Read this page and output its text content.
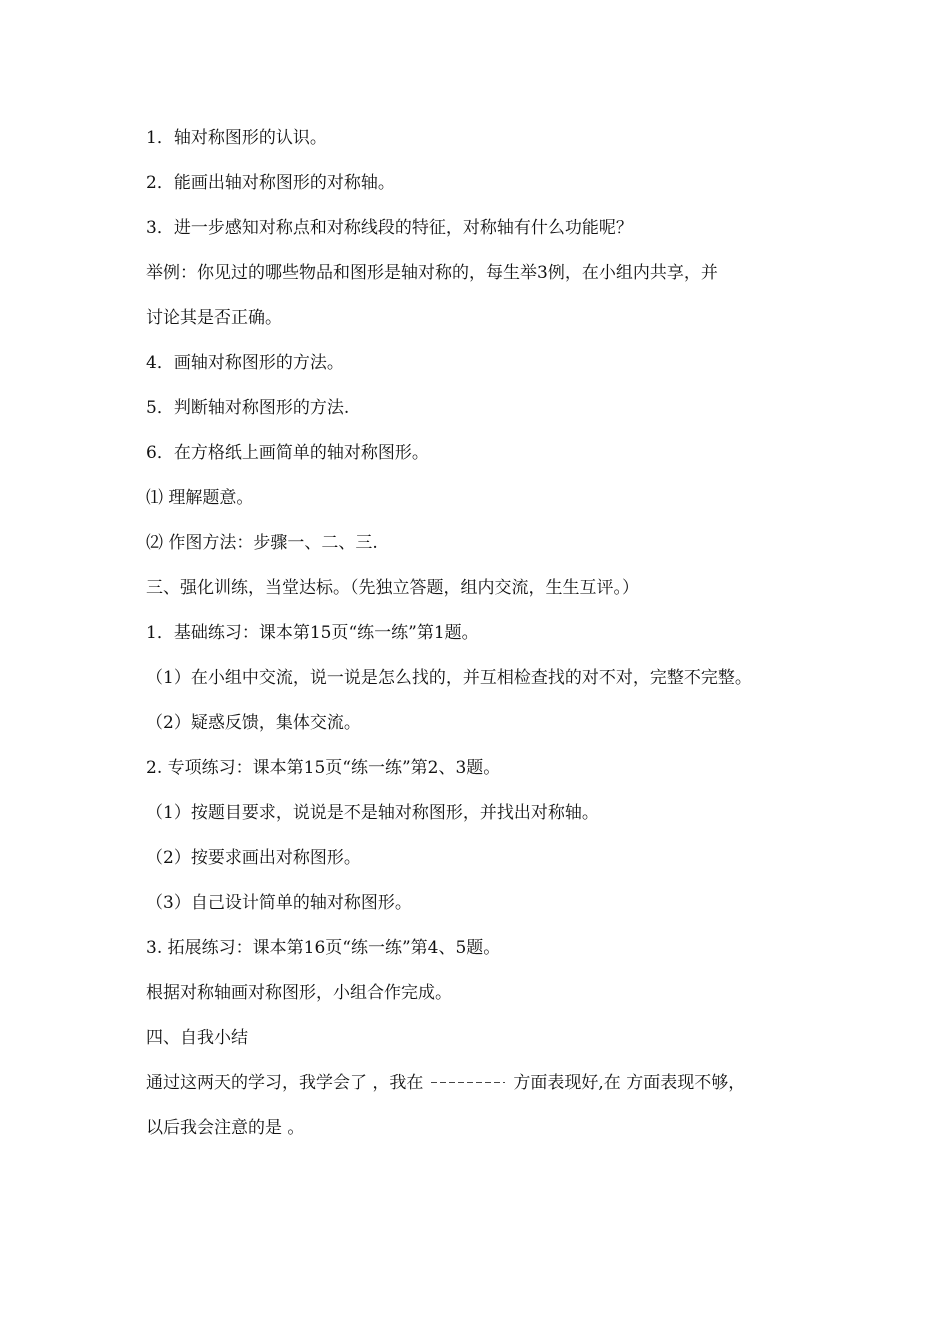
1．轴对称图形的认识。
2．能画出轴对称图形的对称轴。
3．进一步感知对称点和对称线段的特征，对称轴有什么功能呢？
举例：你见过的哪些物品和图形是轴对称的，每生举3例，在小组内共享，并
讨论其是否正确。
4．画轴对称图形的方法。
5．判断轴对称图形的方法.
6．在方格纸上画简单的轴对称图形。
⑴ 理解题意。
⑵ 作图方法：步骤一、二、三.
三、强化训练，当堂达标。（先独立答题，组内交流，生生互评。）
1．基础练习：课本第15页“练一练”第1题。
（1）在小组中交流，说一说是怎么找的，并互相检查找的对不对，完整不完整。
（2）疑惑反馈，集体交流。
2. 专项练习：课本第15页“练一练”第2、3题。
（1）按题目要求，说说是不是轴对称图形，并找出对称轴。
（2）按要求画出对称图形。
（3）自己设计简单的轴对称图形。
3. 拓展练习：课本第16页“练一练”第4、5题。
根据对称轴画对称图形，小组合作完成。
四、自我小结
通过这两天的学习，我学会了 ，我在	方面表现好,在 方面表现不够，
以后我会注意的是 。
